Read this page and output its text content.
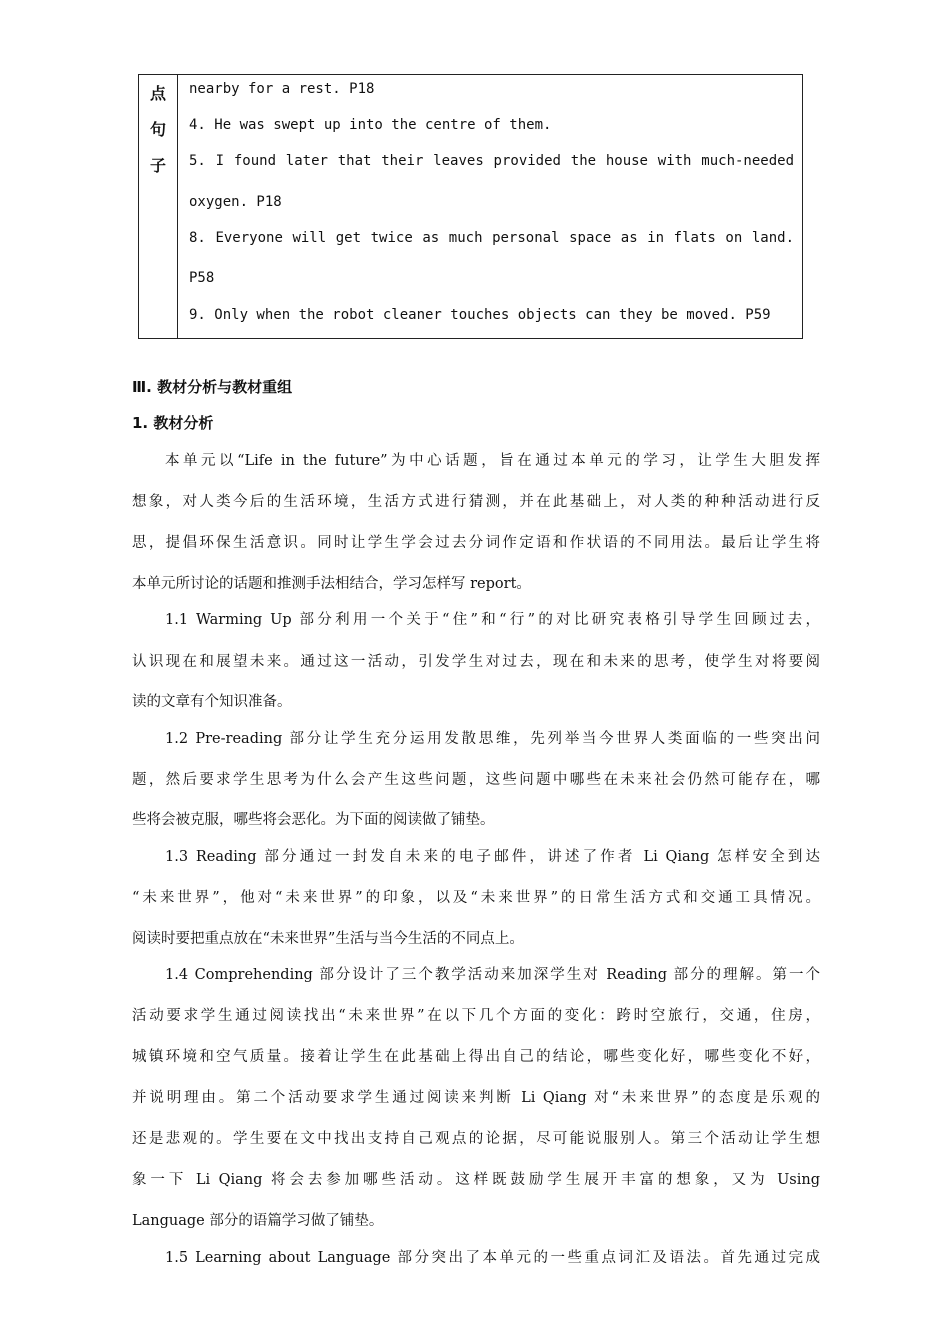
点
句
子
nearby for a rest. P18
4. He was swept up into the centre of them.
5. I found later that their leaves provided the house with much-needed
oxygen. P18
8. Everyone will get twice as much personal space as in flats on land.
P58
9. Only when the robot cleaner touches objects can they be moved. P59
Ⅲ. 教材分析与教材重组
1. 教材分析
本单元以“Life in the future”为中心话题，旨在通过本单元的学习，让学生大胆发挥
想象，对人类今后的生活环境，生活方式进行猜测，并在此基础上，对人类的种种活动进行反
思，提倡环保生活意识。同时让学生学会过去分词作定语和作状语的不同用法。最后让学生将
本单元所讨论的话题和推测手法相结合，学习怎样写 report。
1.1 Warming Up 部分利用一个关于“住”和“行”的对比研究表格引导学生回顾过去，
认识现在和展望未来。通过这一活动，引发学生对过去，现在和未来的思考，使学生对将要阅
读的文章有个知识准备。
1.2 Pre-reading 部分让学生充分运用发散思维，先列举当今世界人类面临的一些突出问
题，然后要求学生思考为什么会产生这些问题，这些问题中哪些在未来社会仍然可能存在，哪
些将会被克服，哪些将会恶化。为下面的阅读做了铺垫。
1.3 Reading 部分通过一封发自未来的电子邮件，讲述了作者 Li Qiang 怎样安全到达
“未来世界”，他对“未来世界”的印象，以及“未来世界”的日常生活方式和交通工具情况。
阅读时要把重点放在“未来世界”生活与当今生活的不同点上。
1.4 Comprehending 部分设计了三个教学活动来加深学生对 Reading 部分的理解。第一个
活动要求学生通过阅读找出“未来世界”在以下几个方面的变化：跨时空旅行，交通，住房，
城镇环境和空气质量。接着让学生在此基础上得出自己的结论，哪些变化好，哪些变化不好，
并说明理由。第二个活动要求学生通过阅读来判断 Li Qiang 对“未来世界”的态度是乐观的
还是悲观的。学生要在文中找出支持自己观点的论据，尽可能说服别人。第三个活动让学生想
象一下 Li Qiang 将会去参加哪些活动。这样既鼓励学生展开丰富的想象，又为 Using
Language 部分的语篇学习做了铺垫。
1.5 Learning about Language 部分突出了本单元的一些重点词汇及语法。首先通过完成
